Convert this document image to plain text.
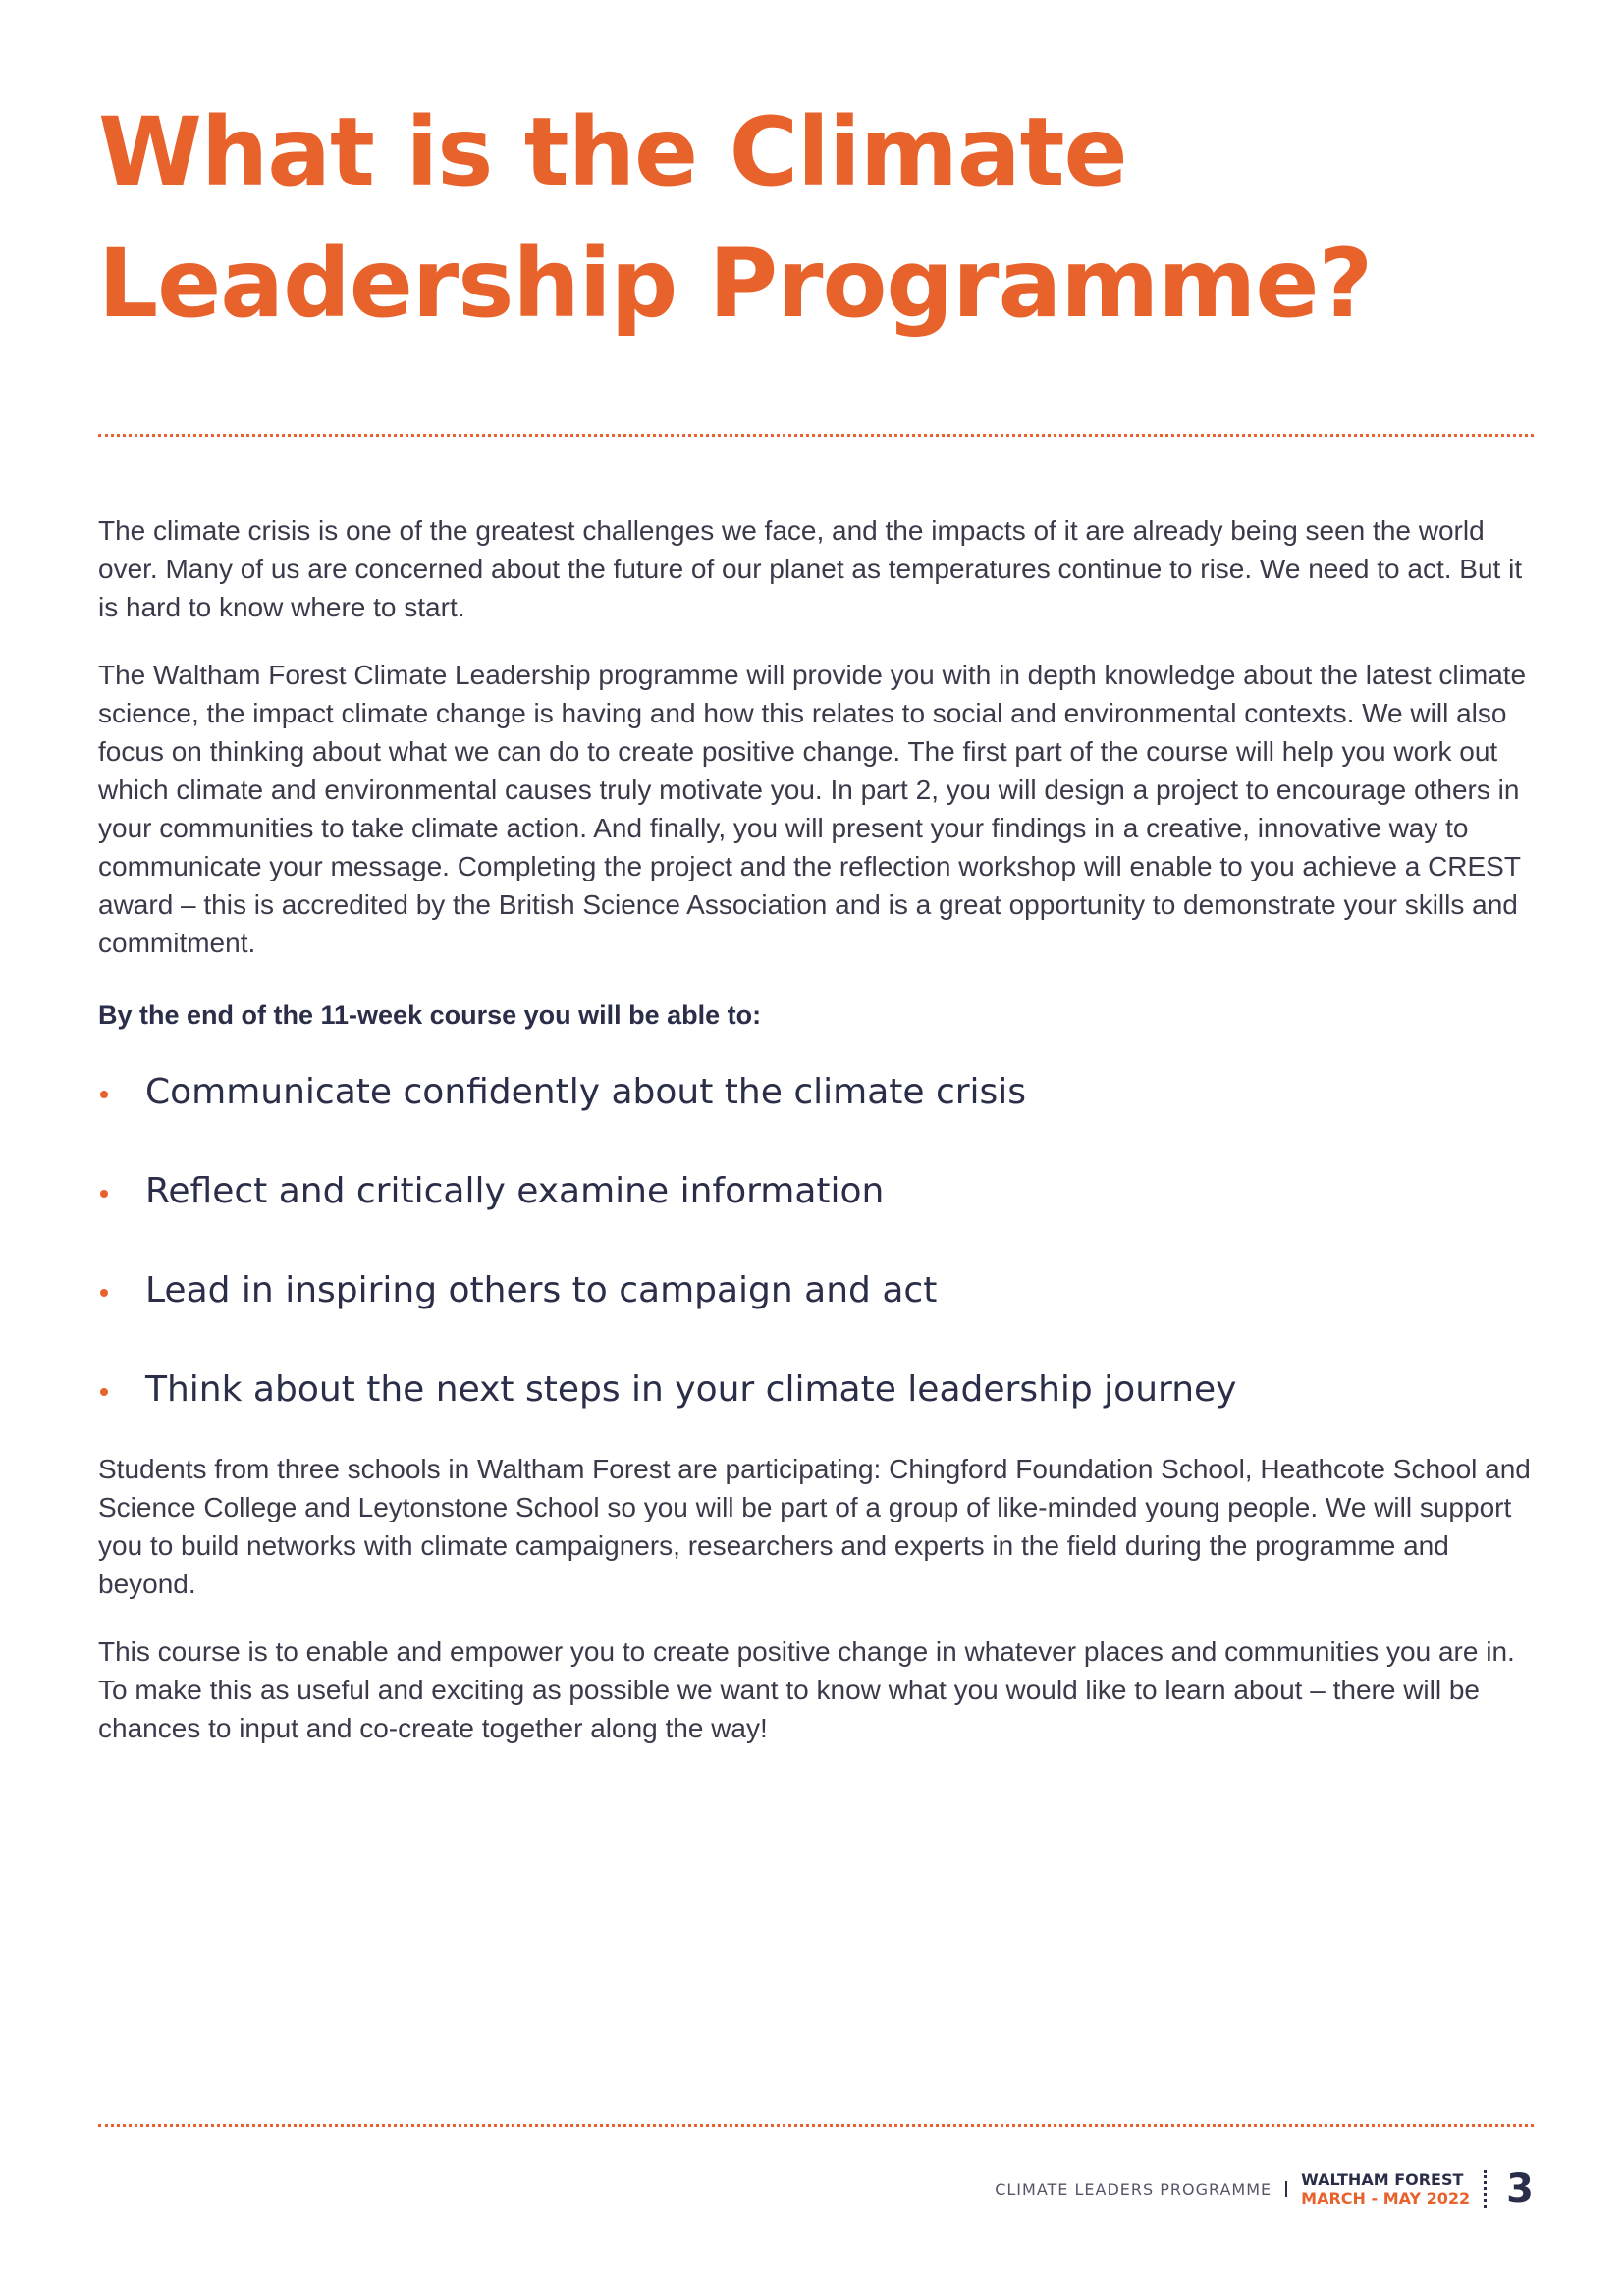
What is the Climate
Leadership Programme?

The climate crisis is one of the greatest challenges we face, and the impacts of it are already being seen the world over. Many of us are concerned about the future of our planet as temperatures continue to rise. We need to act. But it is hard to know where to start.

The Waltham Forest Climate Leadership programme will provide you with in depth knowledge about the latest climate science, the impact climate change is having and how this relates to social and environmental contexts. We will also focus on thinking about what we can do to create positive change. The first part of the course will help you work out which climate and environmental causes truly motivate you. In part 2, you will design a project to encourage others in your communities to take climate action. And finally, you will present your findings in a creative, innovative way to communicate your message. Completing the project and the reflection workshop will enable to you achieve a CREST award – this is accredited by the British Science Association and is a great opportunity to demonstrate your skills and commitment.

By the end of the 11-week course you will be able to:

Communicate confidently about the climate crisis
Reflect and critically examine information
Lead in inspiring others to campaign and act
Think about the next steps in your climate leadership journey

Students from three schools in Waltham Forest are participating: Chingford Foundation School, Heathcote School and Science College and Leytonstone School so you will be part of a group of like-minded young people. We will support you to build networks with climate campaigners, researchers and experts in the field during the programme and beyond.

This course is to enable and empower you to create positive change in whatever places and communities you are in. To make this as useful and exciting as possible we want to know what you would like to learn about – there will be chances to input and co-create together along the way!

CLIMATE LEADERS PROGRAMME WALTHAM FOREST
MARCH - MAY 2022 3
